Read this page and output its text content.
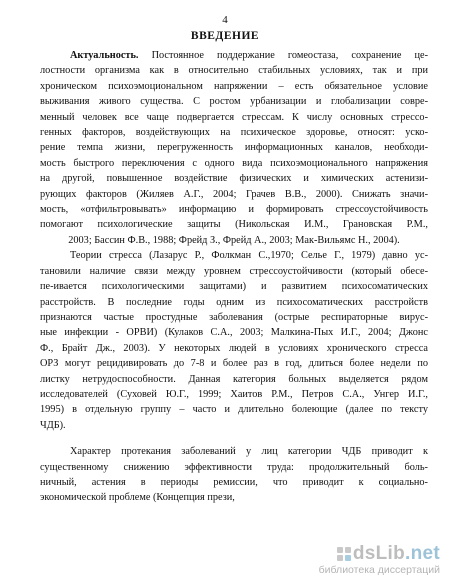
4
ВВЕДЕНИЕ

Актуальность. Постоянное поддержание гомеостаза, сохранение це-
лостности организма как в относительно стабильных условиях, так и при
хроническом психоэмоциональном напряжении – есть обязательное условие
выживания живого существа. С ростом урбанизации и глобализации совре-
менный человек все чаще подвергается стрессам. К числу основных стрессо-
генных факторов, воздействующих на психическое здоровье, относят: уско-
рение темпа жизни, перегруженность информационных каналов, необходи-
мость быстрого переключения с одного вида психоэмоционального напряжения
на другой, повышенное воздействие физических и химических астенизи-
рующих факторов (Жиляев А.Г., 2004; Грачев В.В., 2000). Снижать значи-
мость, «отфильтровывать» информацию и формировать стрессоустойчивость
помогают психологические защиты (Никольская И.М., Грановская Р.М.,
2003; Бассин Ф.В., 1988; Фрейд З., Фрейд А., 2003; Мак-Вильямс Н., 2004).

Теории стресса (Лазарус Р., Фолкман С.,1970; Селье Г., 1979) давно ус-
тановили наличие связи между уровнем стрессоустойчивости (который обесе-
пе-ивается психологическими защитами) и развитием психосоматических
расстройств. В последние годы одним из психосоматических расстройств
признаются частые простудные заболевания (острые респираторные вирус-
ные инфекции - ОРВИ) (Кулаков С.А., 2003; Малкина-Пых И.Г., 2004; Джонс
Ф., Брайт Дж., 2003). У некоторых людей в условиях хронического стресса
ОРЗ могут рецидивировать до 7-8 и более раз в год, длиться более недели по
листку нетрудоспособности. Данная категория больных выделяется рядом
исследователей (Суховей Ю.Г., 1999; Хаитов Р.М., Петров С.А., Унгер И.Г.,
1995) в отдельную группу – часто и длительно болеющие (далее по тексту
ЧДБ).

Характер протекания заболеваний у лиц категории ЧДБ приводит к
существенному снижению эффективности труда: продолжительный боль-
ничный, астения в периоды ремиссии, что приводит к социально-
экономической проблеме (Концепция прези,

dsLib.net
библиотека диссертаций
